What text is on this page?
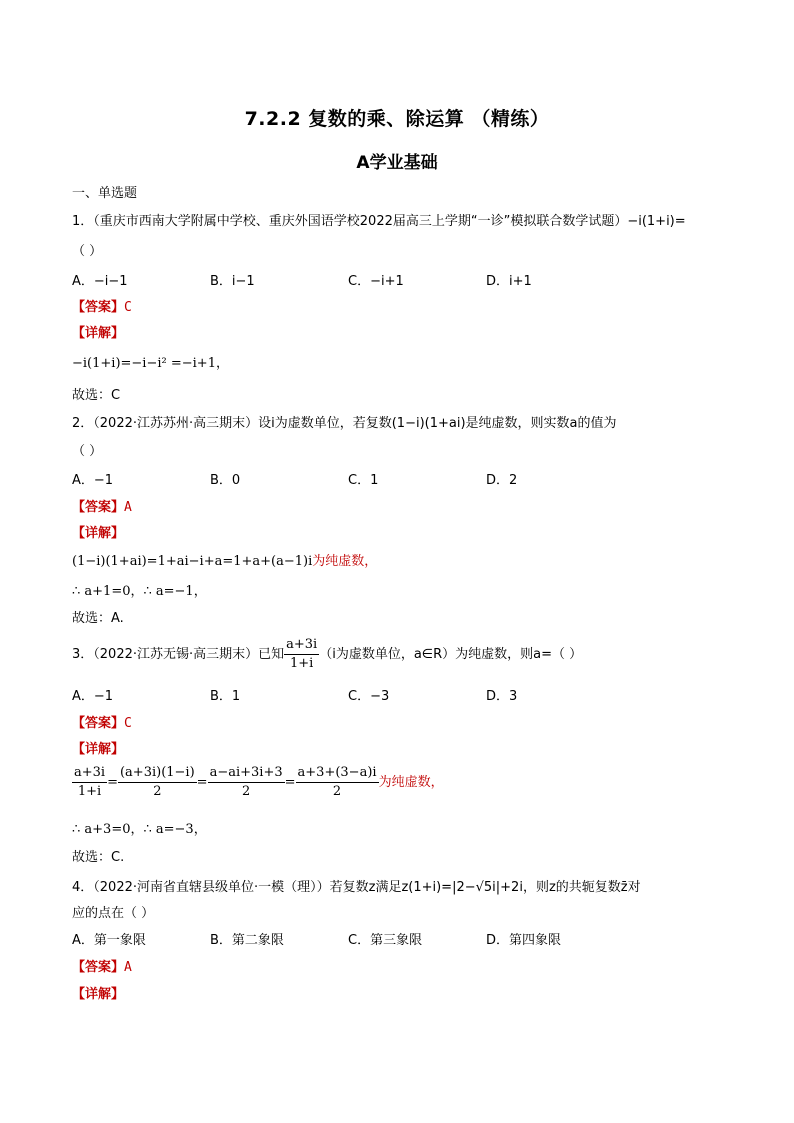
7.2.2 复数的乘、除运算 （精练）
A学业基础
一、单选题
1．（重庆市西南大学附属中学校、重庆外国语学校2022届高三上学期“一诊”模拟联合数学试题）−i(1+i)=
（ ）
A．−i−1	B．i−1	C．−i+1	D．i+1
【答案】C
【详解】
−i(1+i)=−i−i² =−i+1，
故选：C
2．（2022·江苏苏州·高三期末）设i为虚数单位，若复数(1−i)(1+ai)是纯虚数，则实数a的值为
（ ）
A．−1	B．0	C．1	D．2
【答案】A
【详解】
(1−i)(1+ai)=1+ai−i+a=1+a+(a−1)i为纯虚数，
∴ a+1=0，∴ a=−1，
故选：A.
3．（2022·江苏无锡·高三期末）已知 $\frac{a+3i}{1+i} (i$为虚数单位，a∈R）为纯虚数，则a=（ ）
A．−1	B．1	C．−3	D．3
【答案】C
【详解】
$\frac{a+3i}{1+i} = \frac{(a+3i)(1-i)}{2} = \frac{a-ai+3i+3}{2} = \frac{a+3+(3-a)i}{2}$ 为纯虚数，
∴ a+3=0，∴ a=−3，
故选：C.
4．（2022·河南省直辖县级单位·一模（理））若复数z满足z(1+i)=|2−√5i|+2i，则z的共轭复数z̄对
应的点在（ ）
A．第一象限	B．第二象限	C．第三象限	D．第四象限
【答案】A
【详解】
